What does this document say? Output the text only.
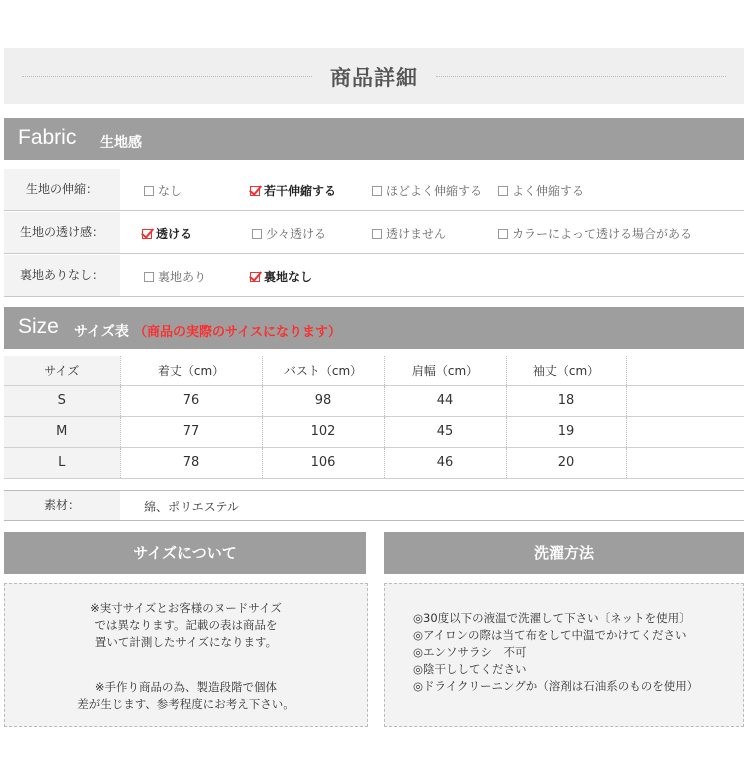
商品詳細
Fabric 生地感
生地の伸縮：	なし	若干伸縮する	ほどよく伸縮する	よく伸縮する
生地の透け感：	透ける	少々透ける	透けません	カラーによって透ける場合がある
裏地ありなし：	裏地あり	裏地なし
Size サイズ表 （商品の実際のサイスになります）
サイズ	着丈（cm）	バスト（cm）	肩幅（cm）	袖丈（cm）	
S	76	98	44	18	
M	77	102	45	19	
L	78	106	46	20	
素材：	綿、ポリエステル
サイズについて

※実寸サイズとお客様のヌードサイズ

では異なります。記載の表は商品を

置いて計測したサイズになります。

※手作り商品の為、製造段階で個体

差が生じます、参考程度にお考え下さい。

洗濯方法

◎30度以下の液温で洗濯して下さい〔ネットを使用〕

◎アイロンの際は当て布をして中温でかけてください

◎エンソサラシ　不可

◎陰干ししてください

◎ドライクリーニングか（溶剤は石油系のものを使用）
